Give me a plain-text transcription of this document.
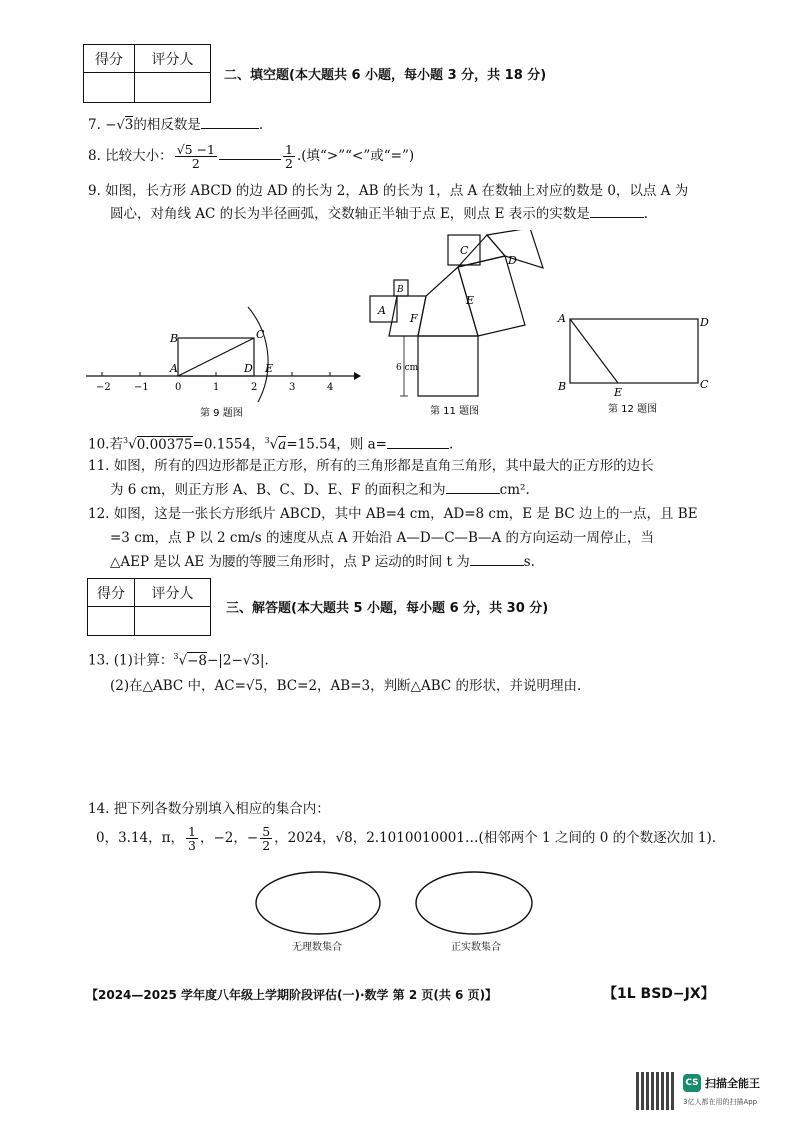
得分	评分人

二、填空题(本大题共 6 小题，每小题 3 分，共 18 分)
7. −√3的相反数是	.
8. 比较大小： $\frac{√5 -1}{2}$	$\frac{1}{2}$ .(填“>”“<”或“=”)
9. 如图，长方形 ABCD 的边 AD 的长为 2，AB 的长为 1，点 A 在数轴上对应的数是 0，以点 A 为
圆心，对角线 AC 的长为半径画弧，交数轴正半轴于点 E，则点 E 表示的实数是	.
−2 −1	0	1	2	3	4
B	C
A	D E
第 9 题图
6 cm
A
B
C
D
E
F
第 11 题图
A	D
B	C
E
第 12 题图
10.若$^3$√0.00375=0.1554，$^3$√a=15.54，则 a=	.
11. 如图，所有的四边形都是正方形，所有的三角形都是直角三角形，其中最大的正方形的边长
为 6 cm，则正方形 A、B、C、D、E、F 的面积之和为	cm².
12. 如图，这是一张长方形纸片 ABCD，其中 AB=4 cm，AD=8 cm，E 是 BC 边上的一点，且 BE
=3 cm，点 P 以 2 cm/s 的速度从点 A 开始沿 A—D—C—B—A 的方向运动一周停止，当
△AEP 是以 AE 为腰的等腰三角形时，点 P 运动的时间 t 为	s.
得分	评分人

三、解答题(本大题共 5 小题，每小题 6 分，共 30 分)
13. (1)计算：$^3$√−8−|2−√3|.
(2)在△ABC 中，AC=√5，BC=2，AB=3，判断△ABC 的形状，并说明理由.
14. 把下列各数分别填入相应的集合内：
0，3.14，π， $\frac{1}{3}$ ，−2，− $\frac{5}{2}$ ，2024，√8，2.1010010001…(相邻两个 1 之间的 0 的个数逐次加 1).
无理数集合	正实数集合
【2024—2025 学年度八年级上学期阶段评估(一)·数学 第 2 页(共 6 页)】	【1L BSD−JX】
CS 扫描全能王
3亿人都在用的扫描App
